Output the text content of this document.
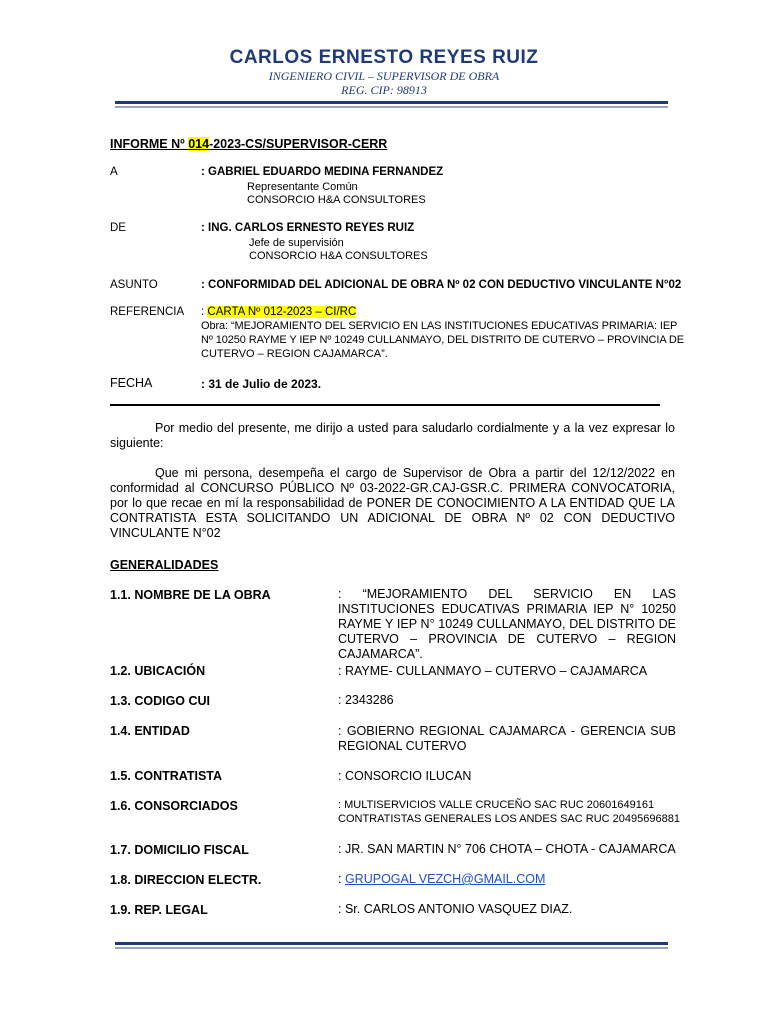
CARLOS ERNESTO REYES RUIZ
INGENIERO CIVIL – SUPERVISOR DE OBRA
REG. CIP: 98913
INFORME Nº 014-2023-CS/SUPERVISOR-CERR
A	: GABRIEL EDUARDO MEDINA FERNANDEZ
Representante Común
CONSORCIO H&A CONSULTORES
DE	: ING. CARLOS ERNESTO REYES RUIZ
Jefe de supervisión
CONSORCIO H&A CONSULTORES
ASUNTO	: CONFORMIDAD DEL ADICIONAL DE OBRA Nº 02 CON DEDUCTIVO VINCULANTE N°02
REFERENCIA : CARTA Nº 012-2023 – CI/RC
Obra: “MEJORAMIENTO DEL SERVICIO EN LAS INSTITUCIONES EDUCATIVAS PRIMARIA: IEP
Nº 10250 RAYME Y IEP Nº 10249 CULLANMAYO, DEL DISTRITO DE CUTERVO – PROVINCIA DE
CUTERVO – REGION CAJAMARCA”.
FECHA	: 31 de Julio de 2023.
Por medio del presente, me dirijo a usted para saludarlo cordialmente y a la vez expresar lo siguiente:
Que mi persona, desempeña el cargo de Supervisor de Obra a partir del 12/12/2022 en conformidad al CONCURSO PÚBLICO Nº 03-2022-GR.CAJ-GSR.C. PRIMERA CONVOCATORIA, por lo que recae en mí la responsabilidad de PONER DE CONOCIMIENTO A LA ENTIDAD QUE LA CONTRATISTA ESTA SOLICITANDO UN ADICIONAL DE OBRA Nº 02 CON DEDUCTIVO VINCULANTE N°02
GENERALIDADES
1.1. NOMBRE DE LA OBRA	: “MEJORAMIENTO DEL SERVICIO EN LAS INSTITUCIONES EDUCATIVAS PRIMARIA IEP N° 10250 RAYME Y IEP N° 10249 CULLANMAYO, DEL DISTRITO DE CUTERVO – PROVINCIA DE CUTERVO – REGION CAJAMARCA”.
1.2. UBICACIÓN	: RAYME- CULLANMAYO – CUTERVO – CAJAMARCA
1.3. CODIGO CUI	: 2343286
1.4. ENTIDAD	: GOBIERNO REGIONAL CAJAMARCA - GERENCIA SUB REGIONAL CUTERVO
1.5. CONTRATISTA	: CONSORCIO ILUCAN
1.6. CONSORCIADOS	: MULTISERVICIOS VALLE CRUCEÑO SAC RUC 20601649161
CONTRATISTAS GENERALES LOS ANDES SAC RUC 20495696881
1.7. DOMICILIO FISCAL	: JR. SAN MARTIN N° 706 CHOTA – CHOTA - CAJAMARCA
1.8. DIRECCION ELECTR.	: GRUPOGAL VEZCH@GMAIL.COM
1.9. REP. LEGAL	: Sr. CARLOS ANTONIO VASQUEZ DIAZ.
